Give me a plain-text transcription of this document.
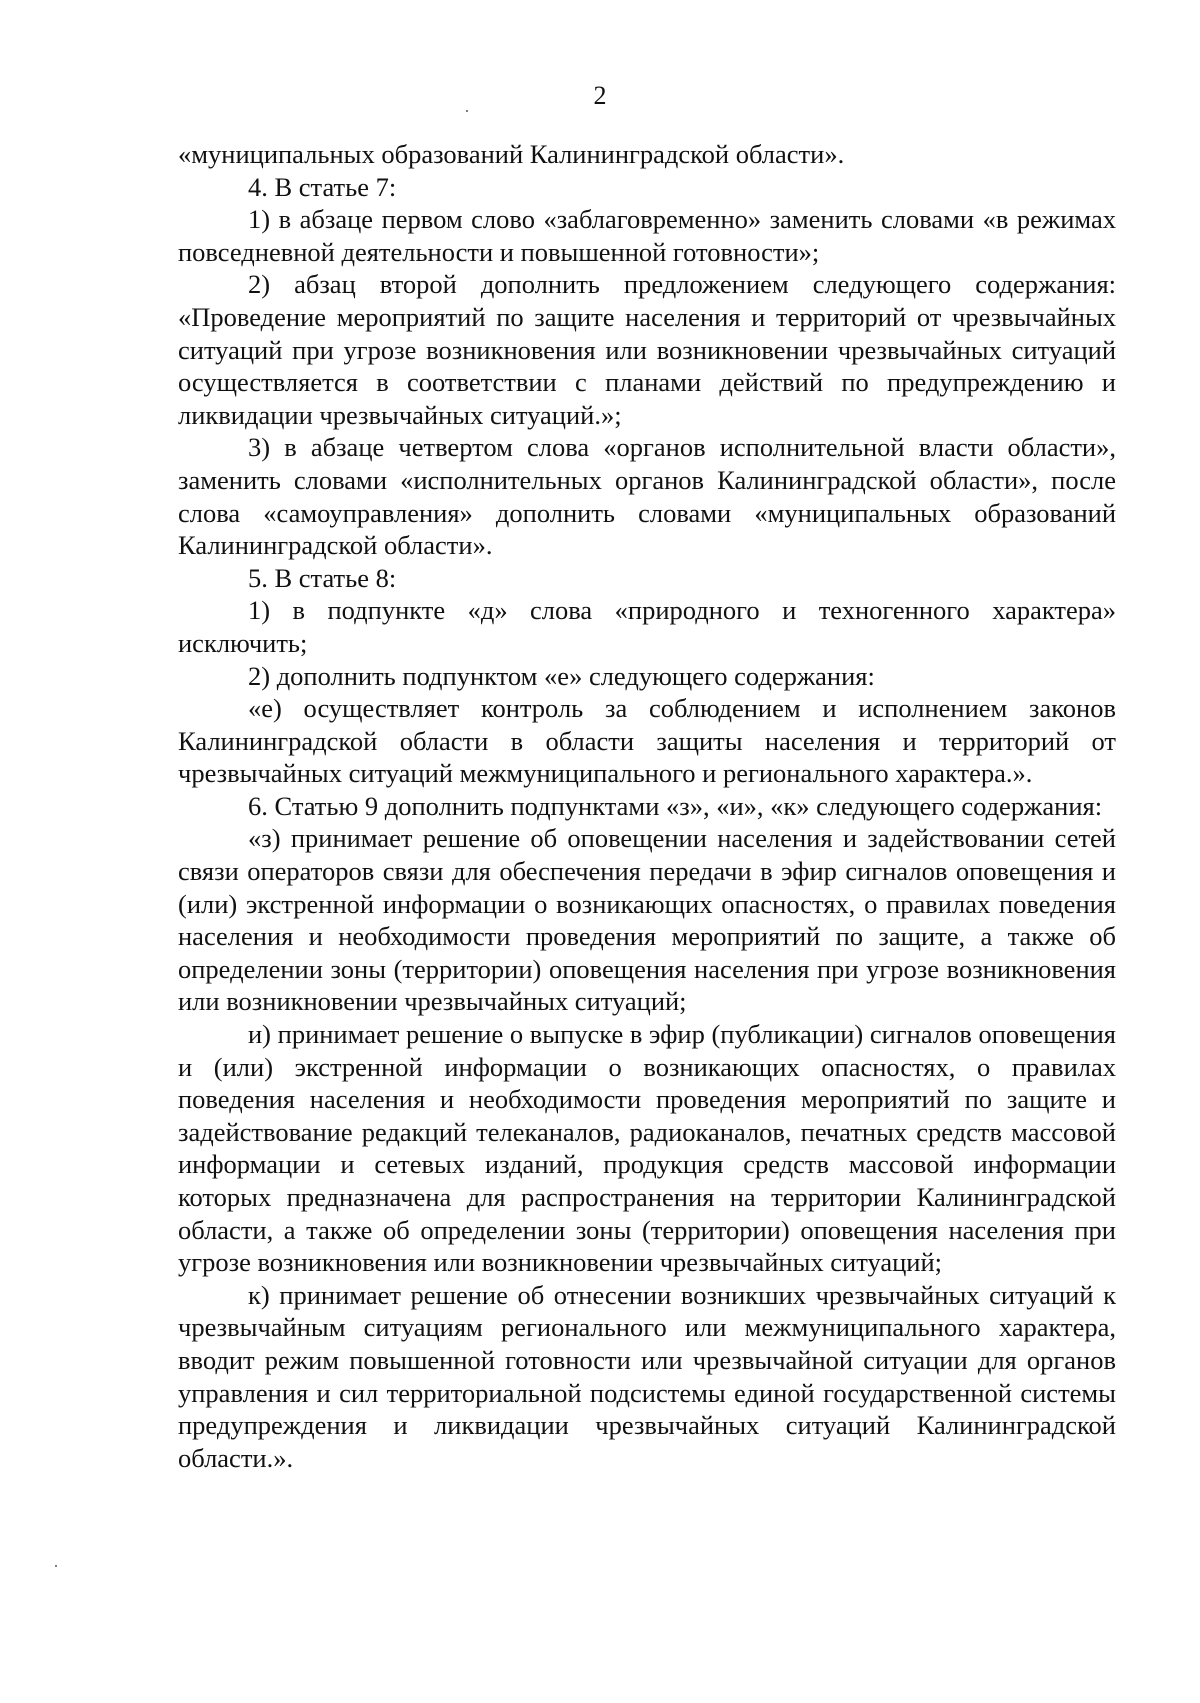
2

«муниципальных образований Калининградской области».

4. В статье 7:

1) в абзаце первом слово «заблаговременно» заменить словами «в режимах повседневной деятельности и повышенной готовности»;

2) абзац второй дополнить предложением следующего содержания: «Проведение мероприятий по защите населения и территорий от чрезвычайных ситуаций при угрозе возникновения или возникновении чрезвычайных ситуаций осуществляется в соответствии с планами действий по предупреждению и ликвидации чрезвычайных ситуаций.»;

3) в абзаце четвертом слова «органов исполнительной власти области», заменить словами «исполнительных органов Калининградской области», после слова «самоуправления» дополнить словами «муниципальных образований Калининградской области».

5. В статье 8:

1) в подпункте «д» слова «природного и техногенного характера» исключить;

2) дополнить подпунктом «е» следующего содержания:

«е) осуществляет контроль за соблюдением и исполнением законов Калининградской области в области защиты населения и территорий от чрезвычайных ситуаций межмуниципального и регионального характера.».

6. Статью 9 дополнить подпунктами «з», «и», «к» следующего содержания:

«з) принимает решение об оповещении населения и задействовании сетей связи операторов связи для обеспечения передачи в эфир сигналов оповещения и (или) экстренной информации о возникающих опасностях, о правилах поведения населения и необходимости проведения мероприятий по защите, а также об определении зоны (территории) оповещения населения при угрозе возникновения или возникновении чрезвычайных ситуаций;

и) принимает решение о выпуске в эфир (публикации) сигналов оповещения и (или) экстренной информации о возникающих опасностях, о правилах поведения населения и необходимости проведения мероприятий по защите и задействование редакций телеканалов, радиоканалов, печатных средств массовой информации и сетевых изданий, продукция средств массовой информации которых предназначена для распространения на территории Калининградской области, а также об определении зоны (территории) оповещения населения при угрозе возникновения или возникновении чрезвычайных ситуаций;

к) принимает решение об отнесении возникших чрезвычайных ситуаций к чрезвычайным ситуациям регионального или межмуниципального характера, вводит режим повышенной готовности или чрезвычайной ситуации для органов управления и сил территориальной подсистемы единой государственной системы предупреждения и ликвидации чрезвычайных ситуаций Калининградской области.».
